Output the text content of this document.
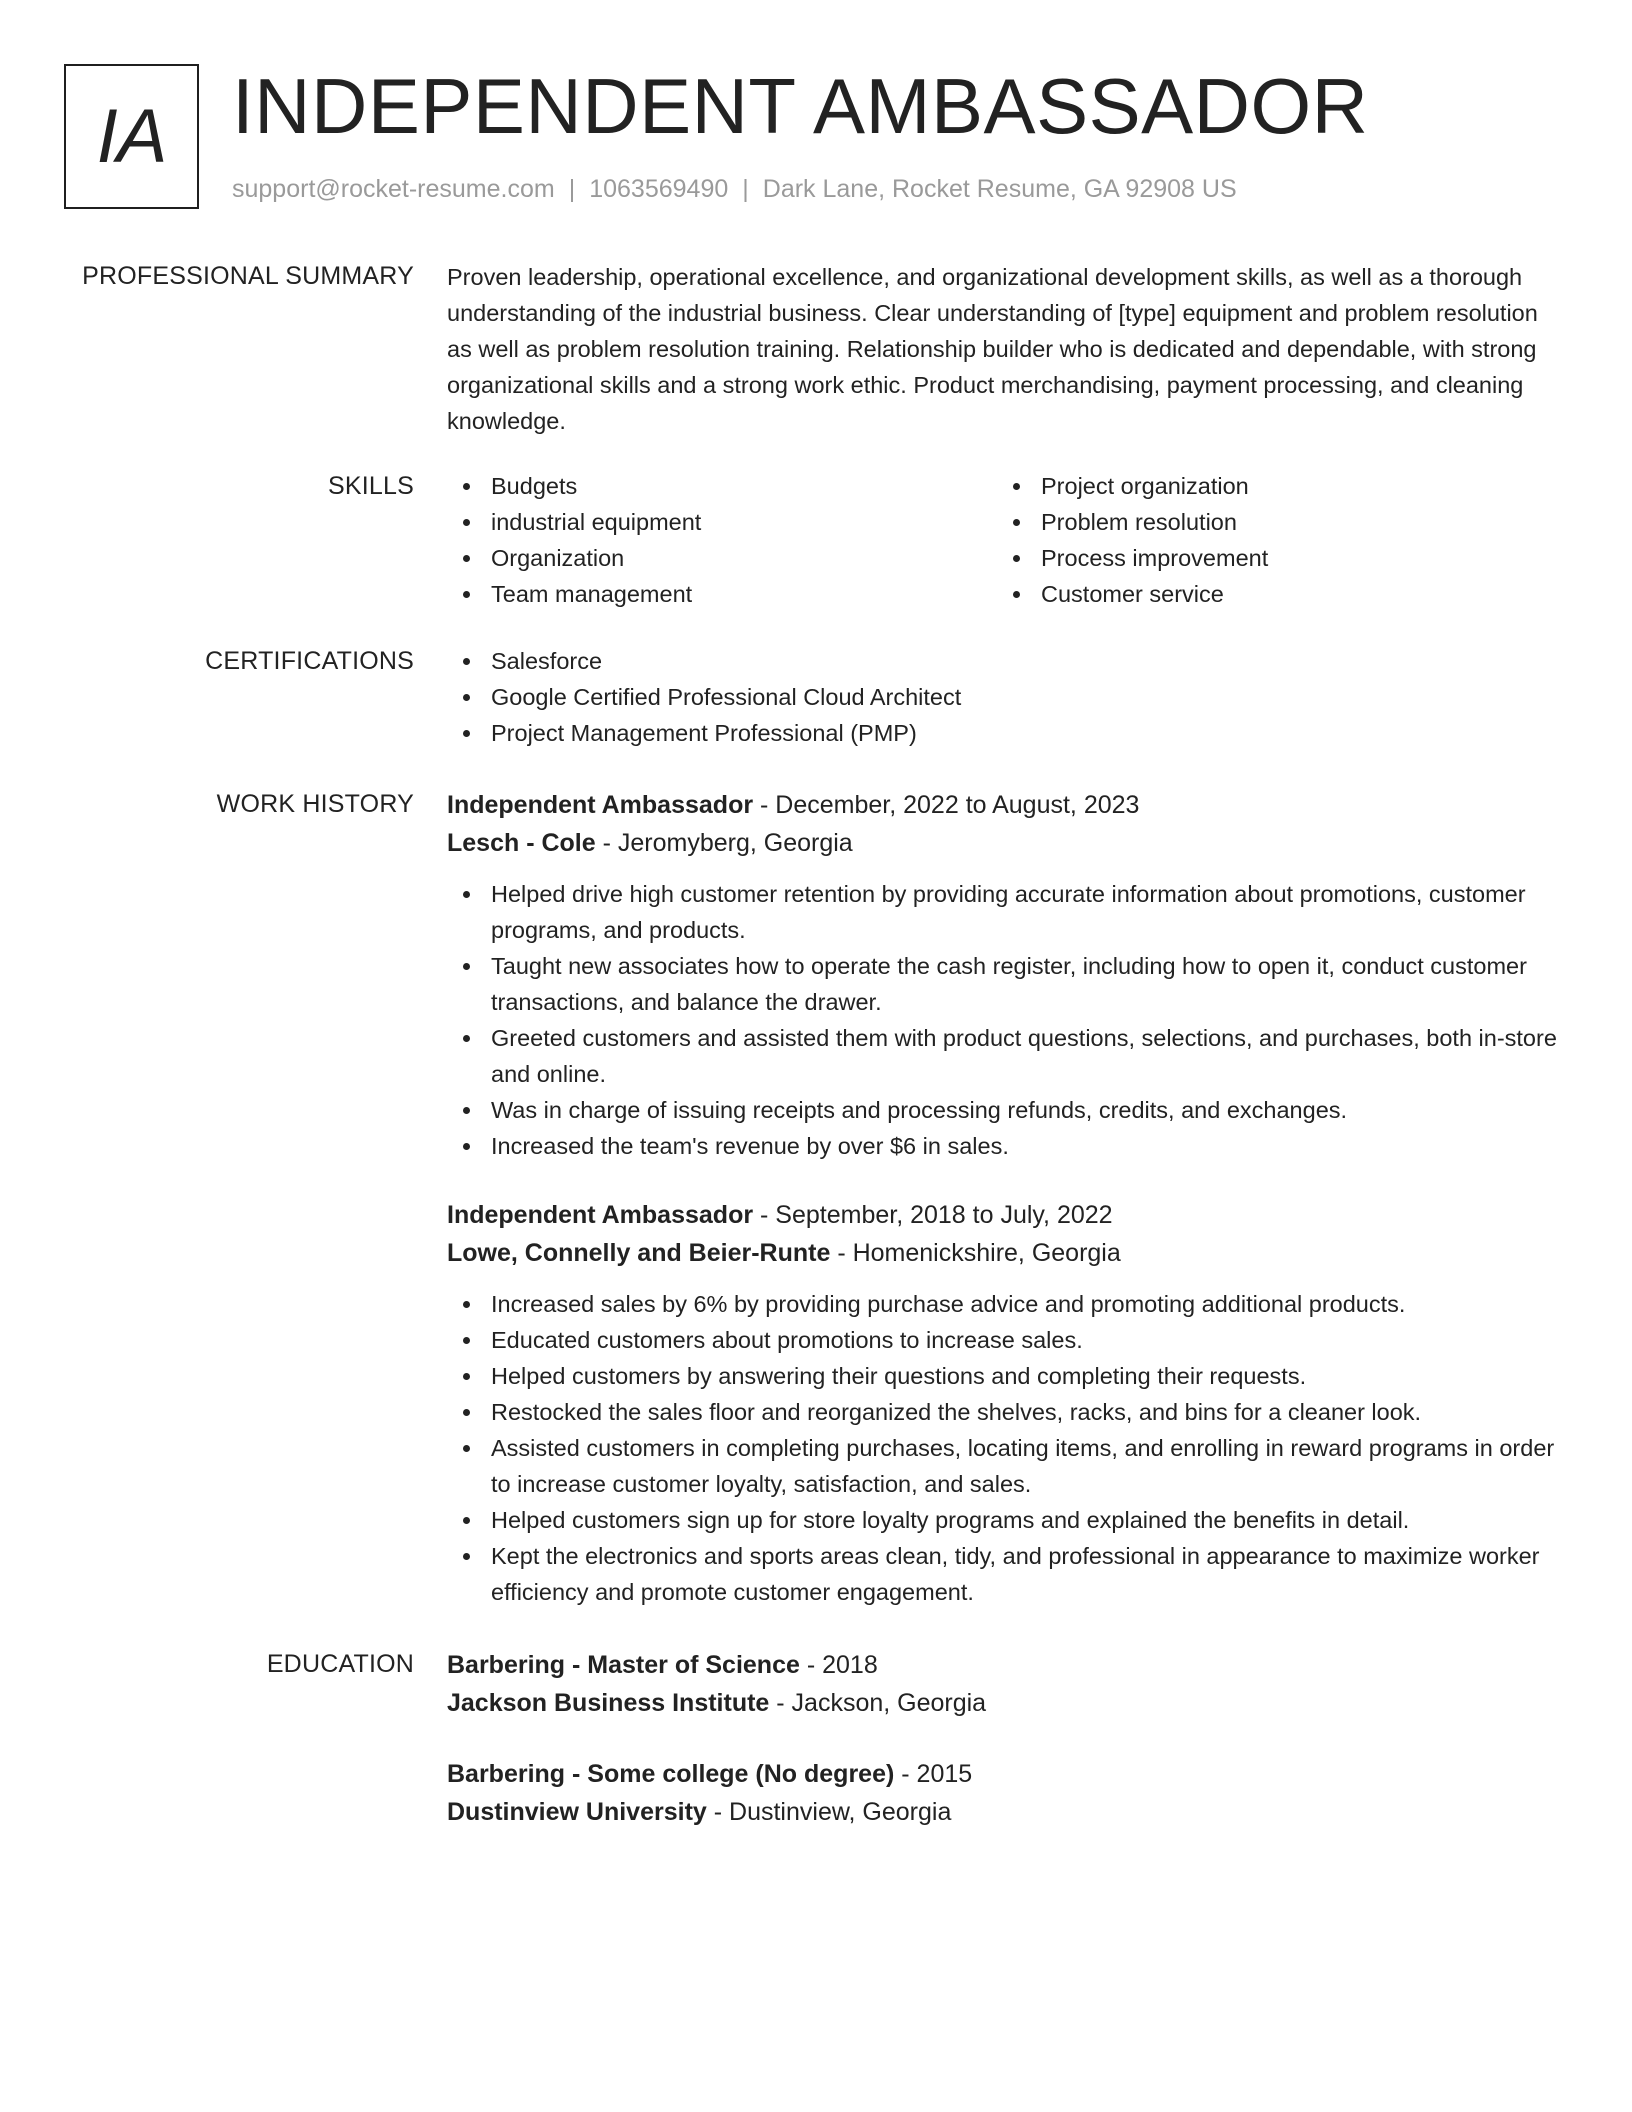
IA INDEPENDENT AMBASSADOR
support@rocket-resume.com | 1063569490 | Dark Lane, Rocket Resume, GA 92908 US
PROFESSIONAL SUMMARY Proven leadership, operational excellence, and organizational development skills, as well as a thorough understanding of the industrial business. Clear understanding of [type] equipment and problem resolution as well as problem resolution training. Relationship builder who is dedicated and dependable, with strong organizational skills and a strong work ethic. Product merchandising, payment processing, and cleaning knowledge.
SKILLS	Budgets	Project organization
industrial equipment	Problem resolution
Organization	Process improvement
Team management	Customer service
CERTIFICATIONS	Salesforce
Google Certified Professional Cloud Architect
Project Management Professional (PMP)
WORK HISTORY Independent Ambassador - December, 2022 to August, 2023
Lesch - Cole - Jeromyberg, Georgia
Helped drive high customer retention by providing accurate information about promotions, customer programs, and products.
Taught new associates how to operate the cash register, including how to open it, conduct customer transactions, and balance the drawer.
Greeted customers and assisted them with product questions, selections, and purchases, both in-store and online.
Was in charge of issuing receipts and processing refunds, credits, and exchanges.
Increased the team's revenue by over $6 in sales.
Independent Ambassador - September, 2018 to July, 2022
Lowe, Connelly and Beier-Runte - Homenickshire, Georgia
Increased sales by 6% by providing purchase advice and promoting additional products.
Educated customers about promotions to increase sales.
Helped customers by answering their questions and completing their requests.
Restocked the sales floor and reorganized the shelves, racks, and bins for a cleaner look.
Assisted customers in completing purchases, locating items, and enrolling in reward programs in order to increase customer loyalty, satisfaction, and sales.
Helped customers sign up for store loyalty programs and explained the benefits in detail.
Kept the electronics and sports areas clean, tidy, and professional in appearance to maximize worker efficiency and promote customer engagement.
EDUCATION Barbering - Master of Science - 2018
Jackson Business Institute - Jackson, Georgia
Barbering - Some college (No degree) - 2015
Dustinview University - Dustinview, Georgia
